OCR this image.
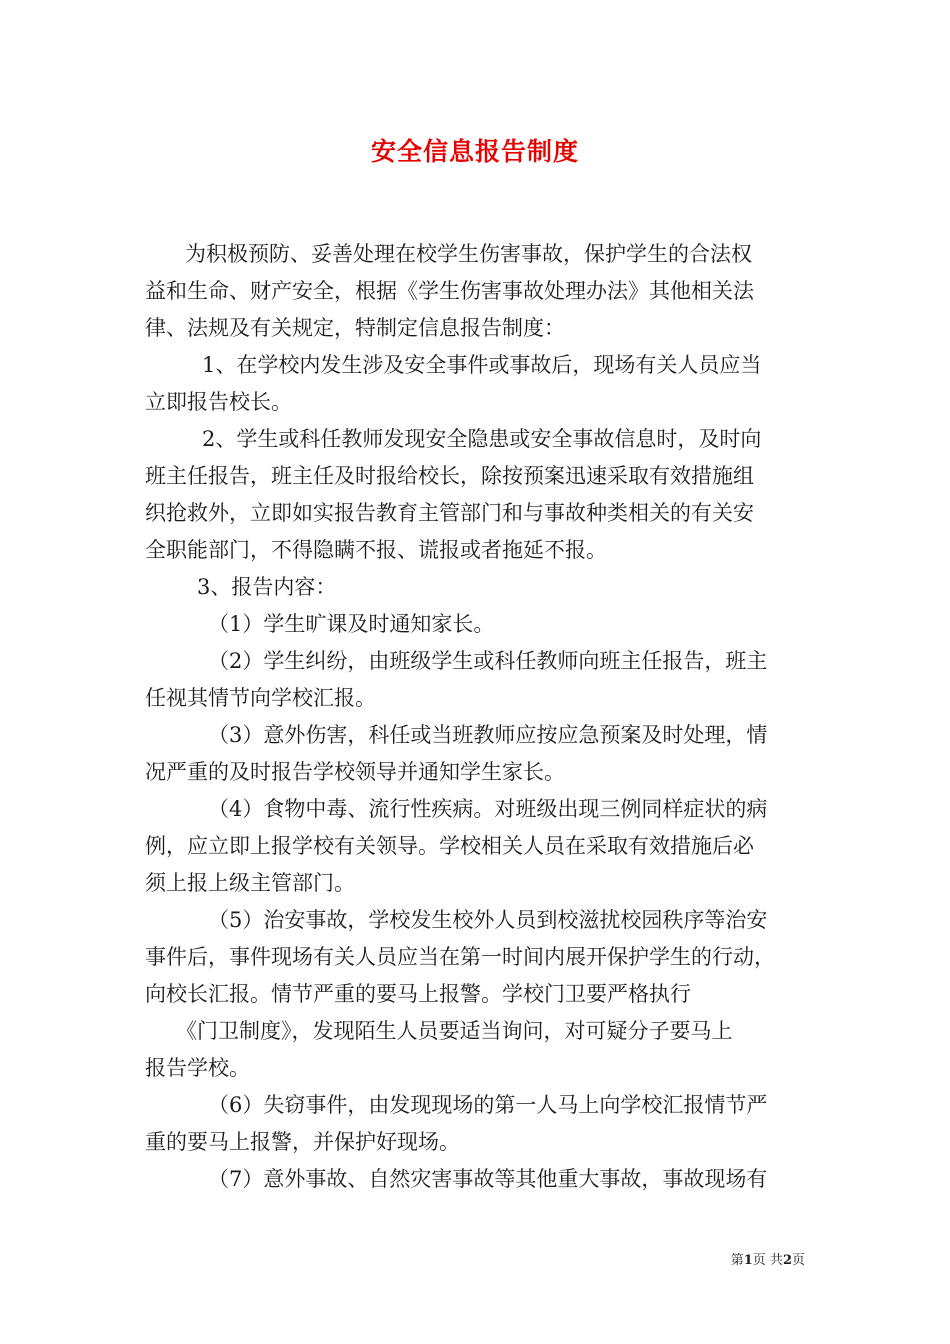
安全信息报告制度
为积极预防、妥善处理在校学生伤害事故，保护学生的合法权
益和生命、财产安全，根据《学生伤害事故处理办法》其他相关法
律、法规及有关规定，特制定信息报告制度：
1、在学校内发生涉及安全事件或事故后，现场有关人员应当
立即报告校长。
2、学生或科任教师发现安全隐患或安全事故信息时，及时向
班主任报告，班主任及时报给校长，除按预案迅速采取有效措施组
织抢救外，立即如实报告教育主管部门和与事故种类相关的有关安
全职能部门，不得隐瞒不报、谎报或者拖延不报。
3、报告内容：
（1）学生旷课及时通知家长。
（2）学生纠纷，由班级学生或科任教师向班主任报告，班主
任视其情节向学校汇报。
（3）意外伤害，科任或当班教师应按应急预案及时处理，情
况严重的及时报告学校领导并通知学生家长。
（4）食物中毒、流行性疾病。对班级出现三例同样症状的病
例，应立即上报学校有关领导。学校相关人员在采取有效措施后必
须上报上级主管部门。
（5）治安事故，学校发生校外人员到校滋扰校园秩序等治安
事件后，事件现场有关人员应当在第一时间内展开保护学生的行动，
向校长汇报。情节严重的要马上报警。学校门卫要严格执行
《门卫制度》，发现陌生人员要适当询问，对可疑分子要马上
报告学校。
（6）失窃事件，由发现现场的第一人马上向学校汇报情节严
重的要马上报警，并保护好现场。
（7）意外事故、自然灾害事故等其他重大事故，事故现场有
第1页 共2页
